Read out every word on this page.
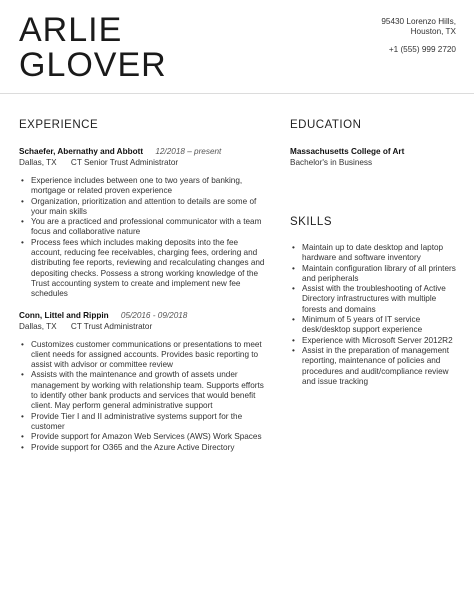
ARLIE
GLOVER
95430 Lorenzo Hills,
Houston, TX
+1 (555) 999 2720
EXPERIENCE
Schaefer, Abernathy and Abbott 12/2018 – present
Dallas, TX CT Senior Trust Administrator
• Experience includes between one to two years of banking, mortgage or related proven experience
• Organization, prioritization and attention to details are some of your main skills
• You are a practiced and professional communicator with a team focus and collaborative nature
• Process fees which includes making deposits into the fee account, reducing fee receivables, charging fees, ordering and distributing fee reports, reviewing and recalculating changes and depositing checks. Possess a strong working knowledge of the Trust accounting system to create and implement new fee schedules
Conn, Littel and Rippin 05/2016 - 09/2018
Dallas, TX CT Trust Administrator
• Customizes customer communications or presentations to meet client needs for assigned accounts. Provides basic reporting to assist with advisor or committee review
• Assists with the maintenance and growth of assets under management by working with relationship team. Supports efforts to identify other bank products and services that would benefit client. May perform general administrative support
• Provide Tier I and II administrative systems support for the customer
• Provide support for Amazon Web Services (AWS) Work Spaces
• Provide support for O365 and the Azure Active Directory
EDUCATION
Massachusetts College of Art
Bachelor's in Business
SKILLS
• Maintain up to date desktop and laptop hardware and software inventory
• Maintain configuration library of all printers and peripherals
• Assist with the troubleshooting of Active Directory infrastructures with multiple forests and domains
• Minimum of 5 years of IT service desk/desktop support experience
• Experience with Microsoft Server 2012R2
• Assist in the preparation of management reporting, maintenance of policies and procedures and audit/compliance review and issue tracking
